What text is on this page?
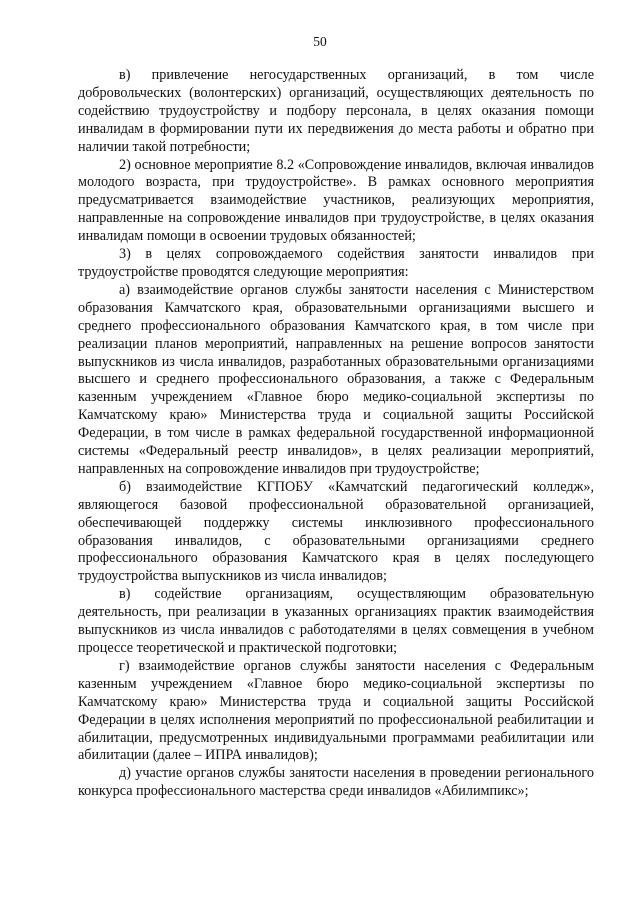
50

в) привлечение негосударственных организаций, в том числе добровольческих (волонтерских) организаций, осуществляющих деятельность по содействию трудоустройству и подбору персонала, в целях оказания помощи инвалидам в формировании пути их передвижения до места работы и обратно при наличии такой потребности;

2) основное мероприятие 8.2 «Сопровождение инвалидов, включая инвалидов молодого возраста, при трудоустройстве». В рамках основного мероприятия предусматривается взаимодействие участников, реализующих мероприятия, направленные на сопровождение инвалидов при трудоустройстве, в целях оказания инвалидам помощи в освоении трудовых обязанностей;

3) в целях сопровождаемого содействия занятости инвалидов при трудоустройстве проводятся следующие мероприятия:

а) взаимодействие органов службы занятости населения с Министерством образования Камчатского края, образовательными организациями высшего и среднего профессионального образования Камчатского края, в том числе при реализации планов мероприятий, направленных на решение вопросов занятости выпускников из числа инвалидов, разработанных образовательными организациями высшего и среднего профессионального образования, а также с Федеральным казенным учреждением «Главное бюро медико-социальной экспертизы по Камчатскому краю» Министерства труда и социальной защиты Российской Федерации, в том числе в рамках федеральной государственной информационной системы «Федеральный реестр инвалидов», в целях реализации мероприятий, направленных на сопровождение инвалидов при трудоустройстве;

б) взаимодействие КГПОБУ «Камчатский педагогический колледж», являющегося базовой профессиональной образовательной организацией, обеспечивающей поддержку системы инклюзивного профессионального образования инвалидов, с образовательными организациями среднего профессионального образования Камчатского края в целях последующего трудоустройства выпускников из числа инвалидов;

в) содействие организациям, осуществляющим образовательную деятельность, при реализации в указанных организациях практик взаимодействия выпускников из числа инвалидов с работодателями в целях совмещения в учебном процессе теоретической и практической подготовки;

г) взаимодействие органов службы занятости населения с Федеральным казенным учреждением «Главное бюро медико-социальной экспертизы по Камчатскому краю» Министерства труда и социальной защиты Российской Федерации в целях исполнения мероприятий по профессиональной реабилитации и абилитации, предусмотренных индивидуальными программами реабилитации или абилитации (далее – ИПРА инвалидов);

д) участие органов службы занятости населения в проведении регионального конкурса профессионального мастерства среди инвалидов «Абилимпикс»;
